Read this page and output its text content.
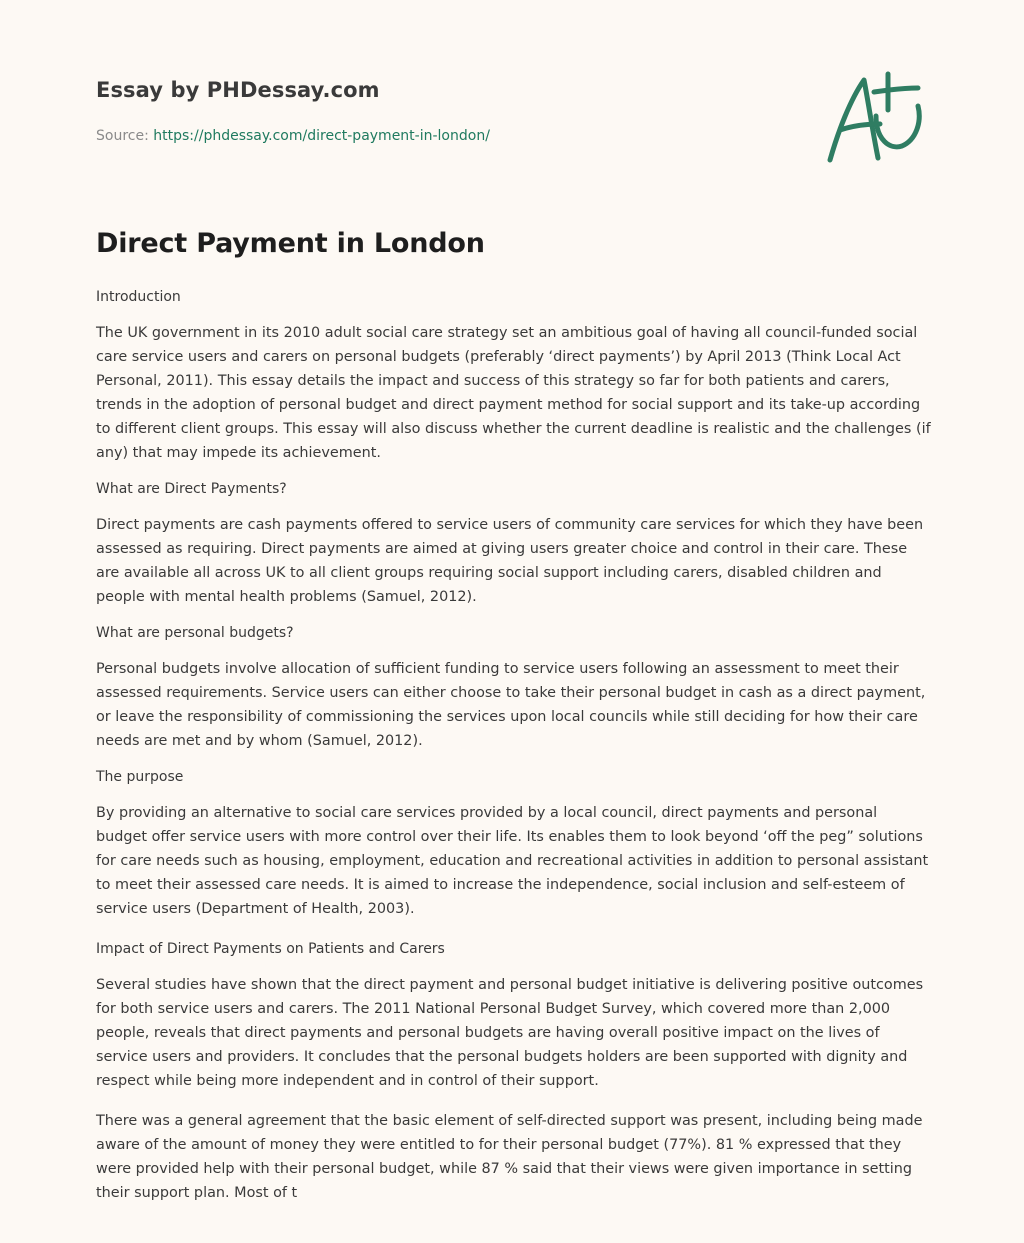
Essay by PHDessay.com
Source: https://phdessay.com/direct-payment-in-london/
Direct Payment in London

Introduction

The UK government in its 2010 adult social care strategy set an ambitious goal of having all council-funded social care service users and carers on personal budgets (preferably ‘direct payments’) by April 2013 (Think Local Act Personal, 2011). This essay details the impact and success of this strategy so far for both patients and carers, trends in the adoption of personal budget and direct payment method for social support and its take-up according to different client groups. This essay will also discuss whether the current deadline is realistic and the challenges (if any) that may impede its achievement.

What are Direct Payments?

Direct payments are cash payments offered to service users of community care services for which they have been assessed as requiring. Direct payments are aimed at giving users greater choice and control in their care. These are available all across UK to all client groups requiring social support including carers, disabled children and people with mental health problems (Samuel, 2012).

What are personal budgets?

Personal budgets involve allocation of sufficient funding to service users following an assessment to meet their assessed requirements. Service users can either choose to take their personal budget in cash as a direct payment, or leave the responsibility of commissioning the services upon local councils while still deciding for how their care needs are met and by whom (Samuel, 2012).

The purpose

By providing an alternative to social care services provided by a local council, direct payments and personal budget offer service users with more control over their life. Its enables them to look beyond ‘off the peg” solutions for care needs such as housing, employment, education and recreational activities in addition to personal assistant to meet their assessed care needs. It is aimed to increase the independence, social inclusion and self-esteem of service users (Department of Health, 2003).

Impact of Direct Payments on Patients and Carers

Several studies have shown that the direct payment and personal budget initiative is delivering positive outcomes for both service users and carers. The 2011 National Personal Budget Survey, which covered more than 2,000 people, reveals that direct payments and personal budgets are having overall positive impact on the lives of service users and providers. It concludes that the personal budgets holders are been supported with dignity and respect while being more independent and in control of their support.

There was a general agreement that the basic element of self-directed support was present, including being made aware of the amount of money they were entitled to for their personal budget (77%). 81 % expressed that they were provided help with their personal budget, while 87 % said that their views were given importance in setting their support plan. Most of t
